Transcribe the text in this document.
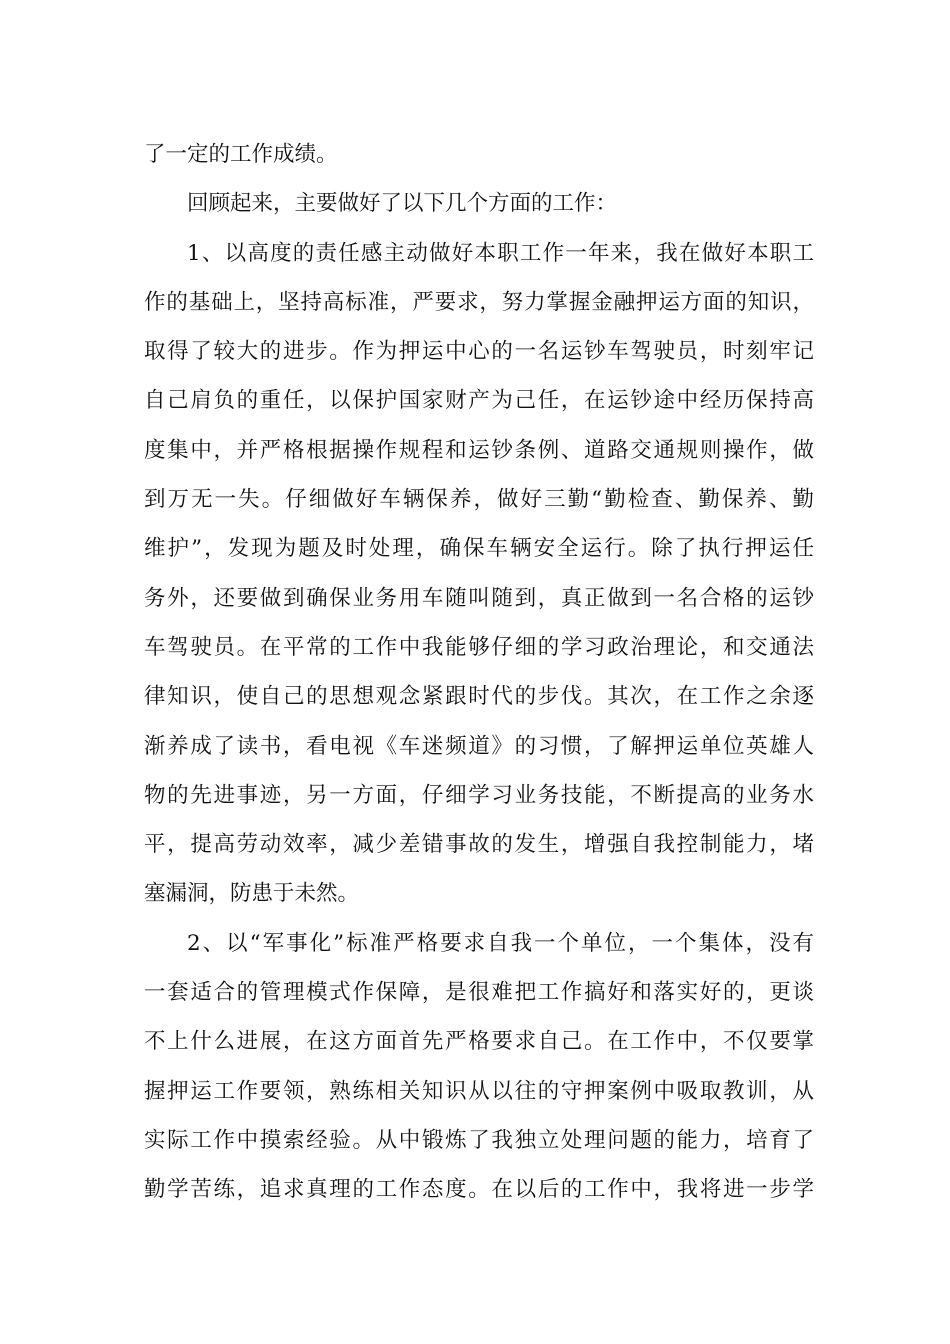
了一定的工作成绩。
回顾起来，主要做好了以下几个方面的工作：
1、以高度的责任感主动做好本职工作一年来，我在做好本职工
作的基础上，坚持高标准，严要求，努力掌握金融押运方面的知识，
取得了较大的进步。作为押运中心的一名运钞车驾驶员，时刻牢记
自己肩负的重任，以保护国家财产为己任，在运钞途中经历保持高
度集中，并严格根据操作规程和运钞条例、道路交通规则操作，做
到万无一失。仔细做好车辆保养，做好三勤“勤检查、勤保养、勤
维护”，发现为题及时处理，确保车辆安全运行。除了执行押运任
务外，还要做到确保业务用车随叫随到，真正做到一名合格的运钞
车驾驶员。在平常的工作中我能够仔细的学习政治理论，和交通法
律知识，使自己的思想观念紧跟时代的步伐。其次，在工作之余逐
渐养成了读书，看电视《车迷频道》的习惯，了解押运单位英雄人
物的先进事迹，另一方面，仔细学习业务技能，不断提高的业务水
平，提高劳动效率，减少差错事故的发生，增强自我控制能力，堵
塞漏洞，防患于未然。
2、以“军事化”标准严格要求自我一个单位，一个集体，没有
一套适合的管理模式作保障，是很难把工作搞好和落实好的，更谈
不上什么进展，在这方面首先严格要求自己。在工作中，不仅要掌
握押运工作要领，熟练相关知识从以往的守押案例中吸取教训，从
实际工作中摸索经验。从中锻炼了我独立处理问题的能力，培育了
勤学苦练，追求真理的工作态度。在以后的工作中，我将进一步学
